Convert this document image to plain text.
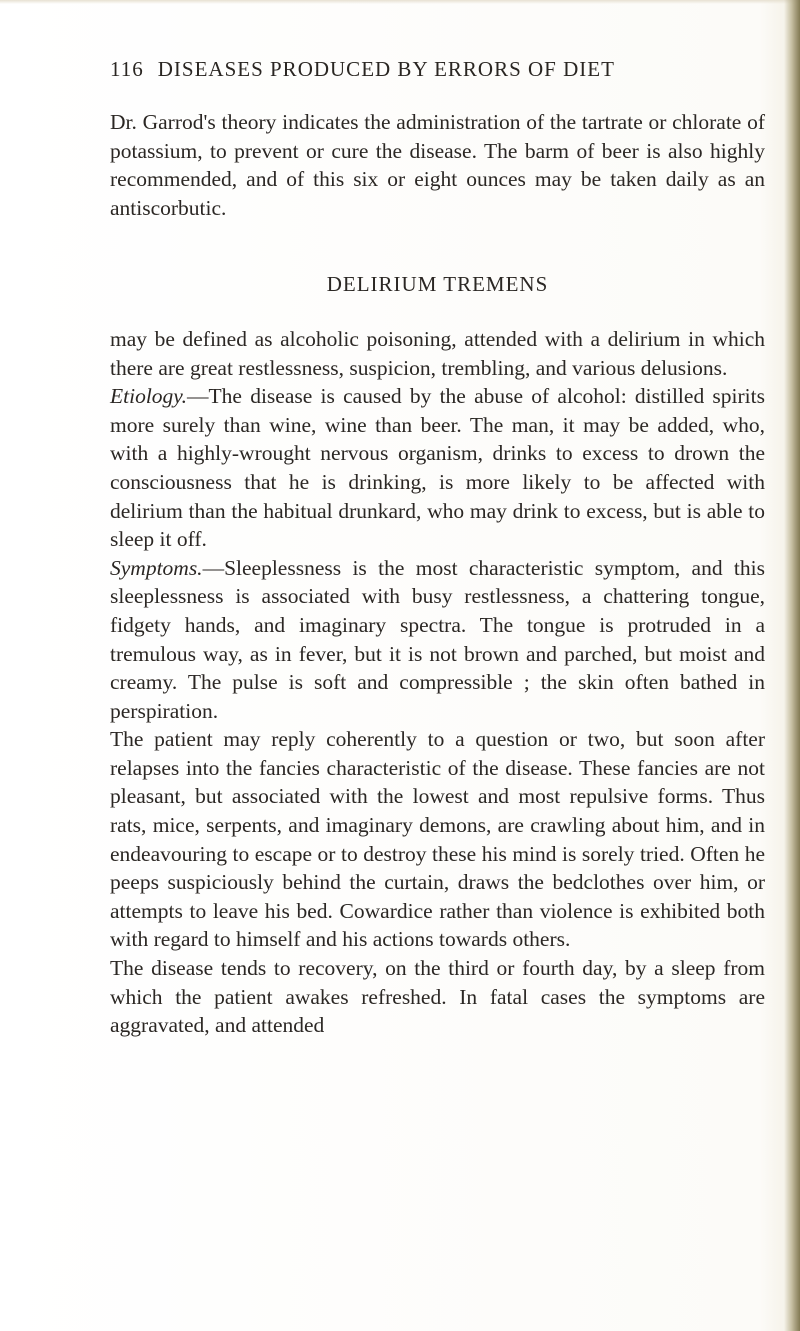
116 DISEASES PRODUCED BY ERRORS OF DIET

Dr. Garrod's theory indicates the administration of the tartrate or chlorate of potassium, to prevent or cure the disease. The barm of beer is also highly recommended, and of this six or eight ounces may be taken daily as an antiscorbutic.

DELIRIUM TREMENS

may be defined as alcoholic poisoning, attended with a delirium in which there are great restlessness, suspicion, trembling, and various delusions.

Etiology.—The disease is caused by the abuse of alcohol: distilled spirits more surely than wine, wine than beer. The man, it may be added, who, with a highly-wrought nervous organism, drinks to excess to drown the consciousness that he is drinking, is more likely to be affected with delirium than the habitual drunkard, who may drink to excess, but is able to sleep it off.

Symptoms.—Sleeplessness is the most characteristic symptom, and this sleeplessness is associated with busy restlessness, a chattering tongue, fidgety hands, and imaginary spectra. The tongue is protruded in a tremulous way, as in fever, but it is not brown and parched, but moist and creamy. The pulse is soft and compressible ; the skin often bathed in perspiration.

The patient may reply coherently to a question or two, but soon after relapses into the fancies characteristic of the disease. These fancies are not pleasant, but associated with the lowest and most repulsive forms. Thus rats, mice, serpents, and imaginary demons, are crawling about him, and in endeavouring to escape or to destroy these his mind is sorely tried. Often he peeps suspiciously behind the curtain, draws the bedclothes over him, or attempts to leave his bed. Cowardice rather than violence is exhibited both with regard to himself and his actions towards others.

The disease tends to recovery, on the third or fourth day, by a sleep from which the patient awakes refreshed. In fatal cases the symptoms are aggravated, and attended
